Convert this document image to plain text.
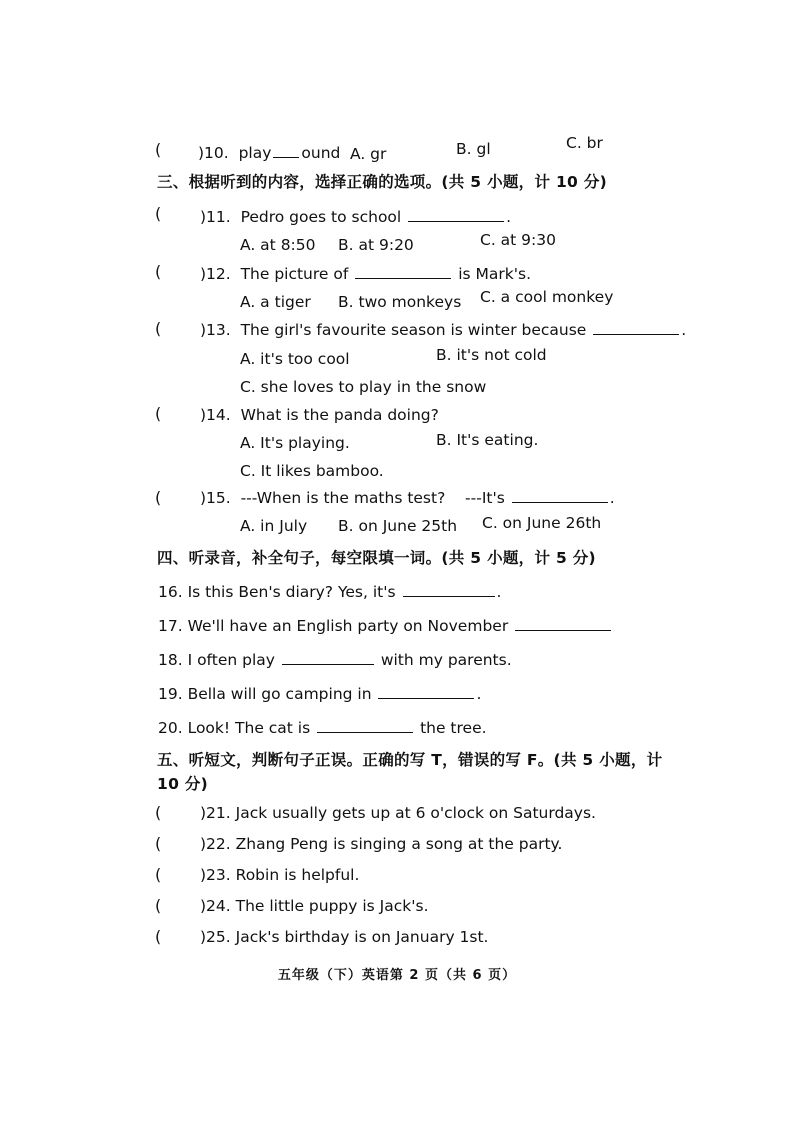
( )10. play ound A. gr	B. gl	C. br
三、根据听到的内容，选择正确的选项。(共 5 小题，计 10 分)
(	)11. Pedro goes to school	.
A. at 8:50 B. at 9:20	C. at 9:30
(	)12. The picture of	is Mark's.
A. a tiger B. two monkeys C. a cool monkey
(	)13. The girl's favourite season is winter because	.
A. it's too cool	B. it's not cold
C. she loves to play in the snow
(	)14. What is the panda doing?
A. It's playing.	B. It's eating.
C. It likes bamboo.
(	)15. ---When is the maths test? ---It's	.
A. in July B. on June 25th C. on June 26th
四、听录音，补全句子，每空限填一词。(共 5 小题，计 5 分)
16. Is this Ben's diary? Yes, it's	.
17. We'll have an English party on November
18. I often play	with my parents.
19. Bella will go camping in	.
20. Look! The cat is	the tree.
五、听短文，判断句子正误。正确的写 T，错误的写 F。(共 5 小题，计
10 分)
(	)21. Jack usually gets up at 6 o'clock on Saturdays.
(	)22. Zhang Peng is singing a song at the party.
(	)23. Robin is helpful.
(	)24. The little puppy is Jack's.
(	)25. Jack's birthday is on January 1st.
五年级（下）英语第 2 页（共 6 页）
